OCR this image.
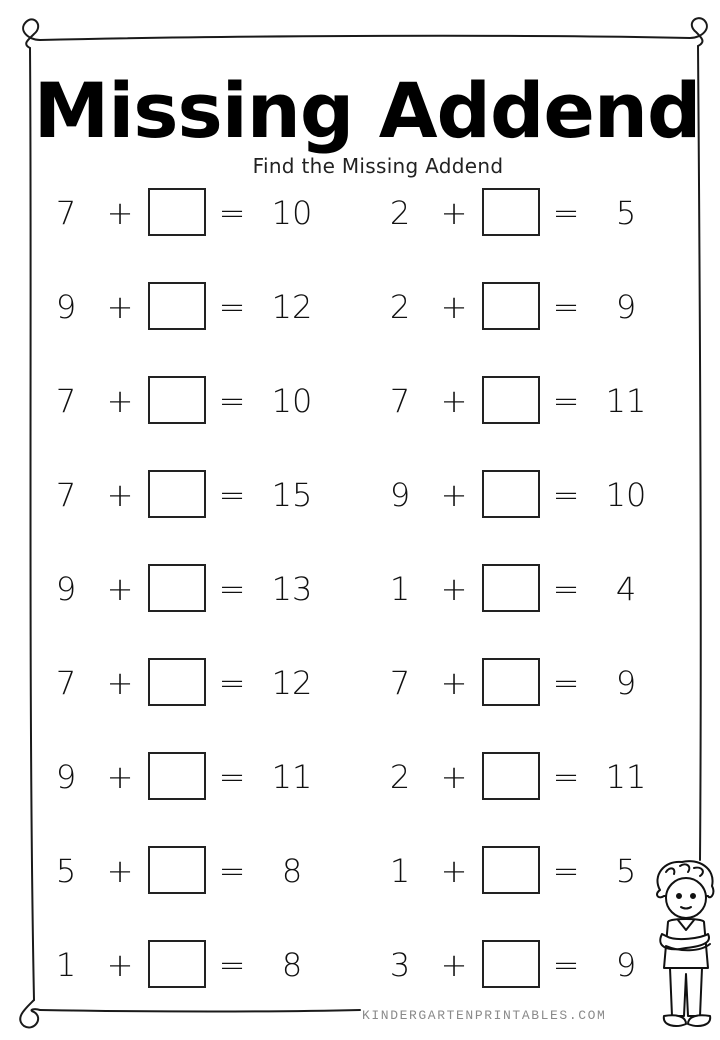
Missing Addend
Find the Missing Addend
7 +	= 10
9 +	= 12
7 +	= 10
7 +	= 15
9 +	= 13
7 +	= 12
9 +	= 11
5 +	=	8
1 +	=	8
2 +	=	5
2 +	=	9
7 +	= 11
9 +	= 10
1 +	=	4
7 +	=	9
2 +	= 11
1 +	=	5
3 +	=	9
KINDERGARTENPRINTABLES.COM
